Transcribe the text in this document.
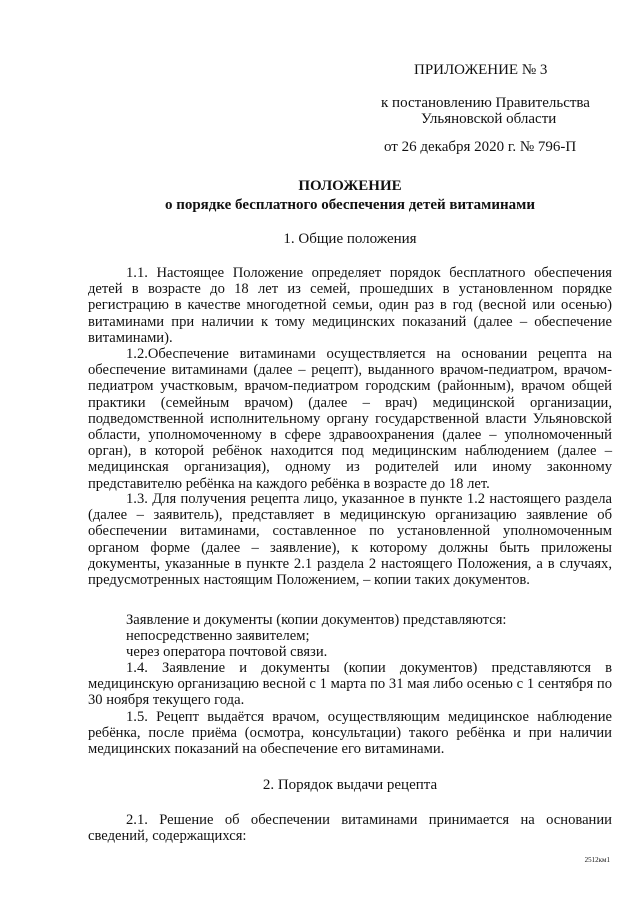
ПРИЛОЖЕНИЕ № 3
к постановлению Правительства
Ульяновской области
от 26 декабря 2020 г. № 796-П
ПОЛОЖЕНИЕ
о порядке бесплатного обеспечения детей витаминами
1. Общие положения

1.1. Настоящее Положение определяет порядок бесплатного обеспечения детей в возрасте до 18 лет из семей, прошедших в установленном порядке регистрацию в качестве многодетной семьи, один раз в год (весной или осенью) витаминами при наличии к тому медицинских показаний (далее – обеспечение витаминами).

1.2.Обеспечение витаминами осуществляется на основании рецепта на обеспечение витаминами (далее – рецепт), выданного врачом-педиатром, врачом-педиатром участковым, врачом-педиатром городским (районным), врачом общей практики (семейным врачом) (далее – врач) медицинской организации, подведомственной исполнительному органу государственной власти Ульяновской области, уполномоченному в сфере здравоохранения (далее – уполномоченный орган), в которой ребёнок находится под медицинским наблюдением (далее – медицинская организация), одному из родителей или иному законному представителю ребёнка на каждого ребёнка в возрасте до 18 лет.

1.3. Для получения рецепта лицо, указанное в пункте 1.2 настоящего раздела (далее – заявитель), представляет в медицинскую организацию заявление об обеспечении витаминами, составленное по установленной уполномоченным органом форме (далее – заявление), к которому должны быть приложены документы, указанные в пункте 2.1 раздела 2 настоящего Положения, а в случаях, предусмотренных настоящим Положением, – копии таких документов.

Заявление и документы (копии документов) представляются:
непосредственно заявителем;
через оператора почтовой связи.

1.4. Заявление и документы (копии документов) представляются в медицинскую организацию весной с 1 марта по 31 мая либо осенью с 1 сентября по 30 ноября текущего года.

1.5. Рецепт выдаётся врачом, осуществляющим медицинское наблюдение ребёнка, после приёма (осмотра, консультации) такого ребёнка и при наличии медицинских показаний на обеспечение его витаминами.

2. Порядок выдачи рецепта

2.1. Решение об обеспечении витаминами принимается на основании сведений, содержащихся:

2512км1
